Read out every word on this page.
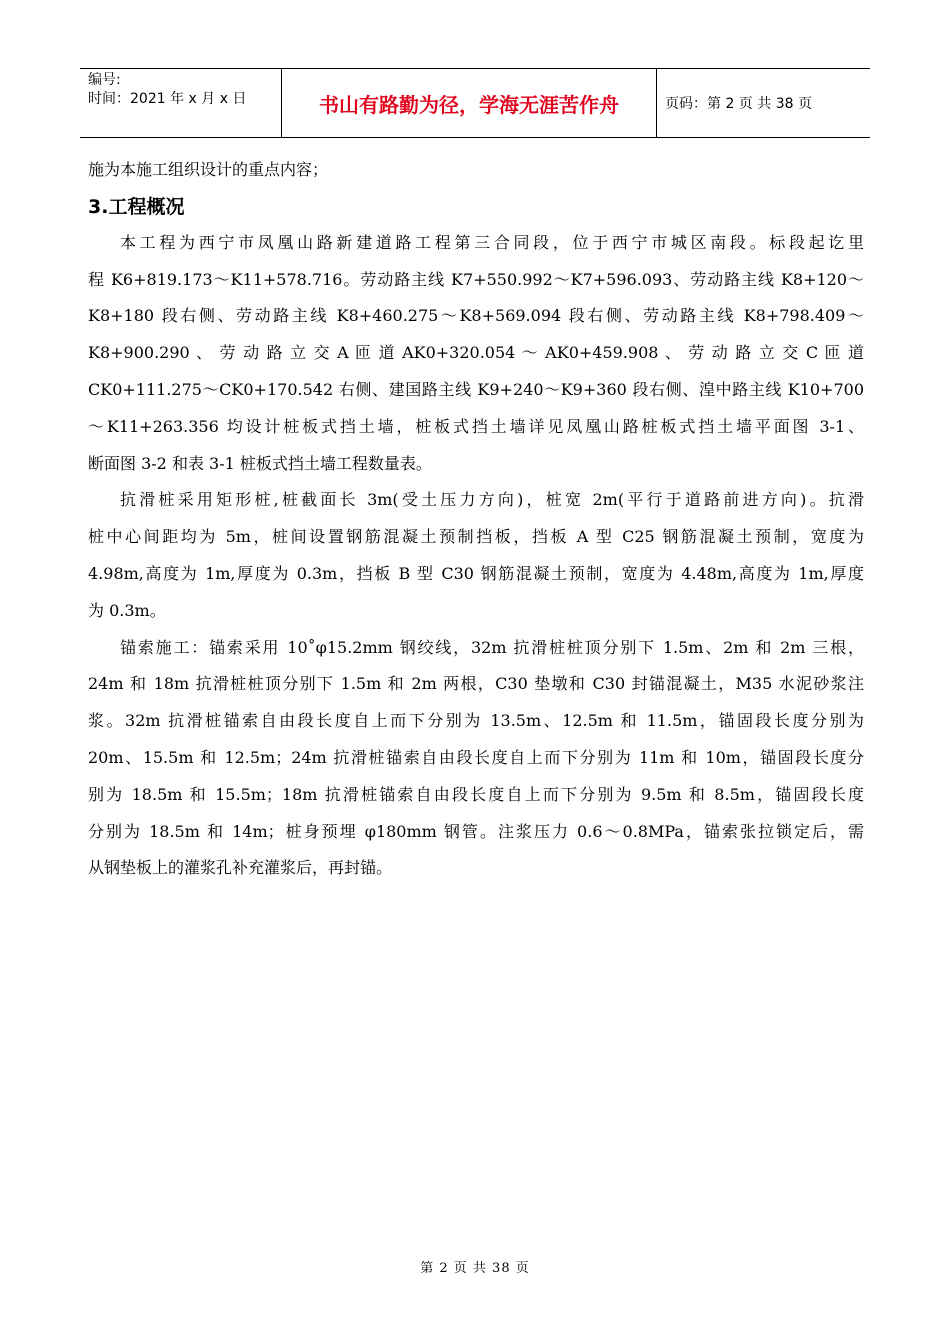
编号:
时间：2021 年 x 月 x 日	书山有路勤为径，学海无涯苦作舟	页码：第 2 页 共 38 页
施为本施工组织设计的重点内容；
3.工程概况
本工程为西宁市凤凰山路新建道路工程第三合同段，位于西宁市城区南段。标段起讫里
程 K6+819.173～K11+578.716。劳动路主线 K7+550.992～K7+596.093、劳动路主线 K8+120～
K8+180 段右侧、劳动路主线 K8+460.275～K8+569.094 段右侧、劳动路主线 K8+798.409～
K8+900.290 、 劳 动 路 立 交 A 匝 道 AK0+320.054 ～ AK0+459.908 、 劳 动 路 立 交 C 匝 道
CK0+111.275～CK0+170.542 右侧、建国路主线 K9+240～K9+360 段右侧、湟中路主线 K10+700
～K11+263.356 均设计桩板式挡土墙，桩板式挡土墙详见凤凰山路桩板式挡土墙平面图 3-1、
断面图 3-2 和表 3-1 桩板式挡土墙工程数量表。
抗滑桩采用矩形桩,桩截面长 3m(受土压力方向)，桩宽 2m(平行于道路前进方向)。抗滑
桩中心间距均为 5m，桩间设置钢筋混凝土预制挡板，挡板 A 型 C25 钢筋混凝土预制，宽度为
4.98m,高度为 1m,厚度为 0.3m，挡板 B 型 C30 钢筋混凝土预制，宽度为 4.48m,高度为 1m,厚度
为 0.3m。
锚索施工：锚索采用 10˚φ15.2mm 钢绞线，32m 抗滑桩桩顶分别下 1.5m、2m 和 2m 三根，
24m 和 18m 抗滑桩桩顶分别下 1.5m 和 2m 两根，C30 垫墩和 C30 封锚混凝土，M35 水泥砂浆注
浆。32m 抗滑桩锚索自由段长度自上而下分别为 13.5m、12.5m 和 11.5m，锚固段长度分别为
20m、15.5m 和 12.5m；24m 抗滑桩锚索自由段长度自上而下分别为 11m 和 10m，锚固段长度分
别为 18.5m 和 15.5m；18m 抗滑桩锚索自由段长度自上而下分别为 9.5m 和 8.5m，锚固段长度
分别为 18.5m 和 14m；桩身预埋 φ180mm 钢管。注浆压力 0.6～0.8MPa，锚索张拉锁定后，需
从钢垫板上的灌浆孔补充灌浆后，再封锚。
第 2 页 共 38 页
